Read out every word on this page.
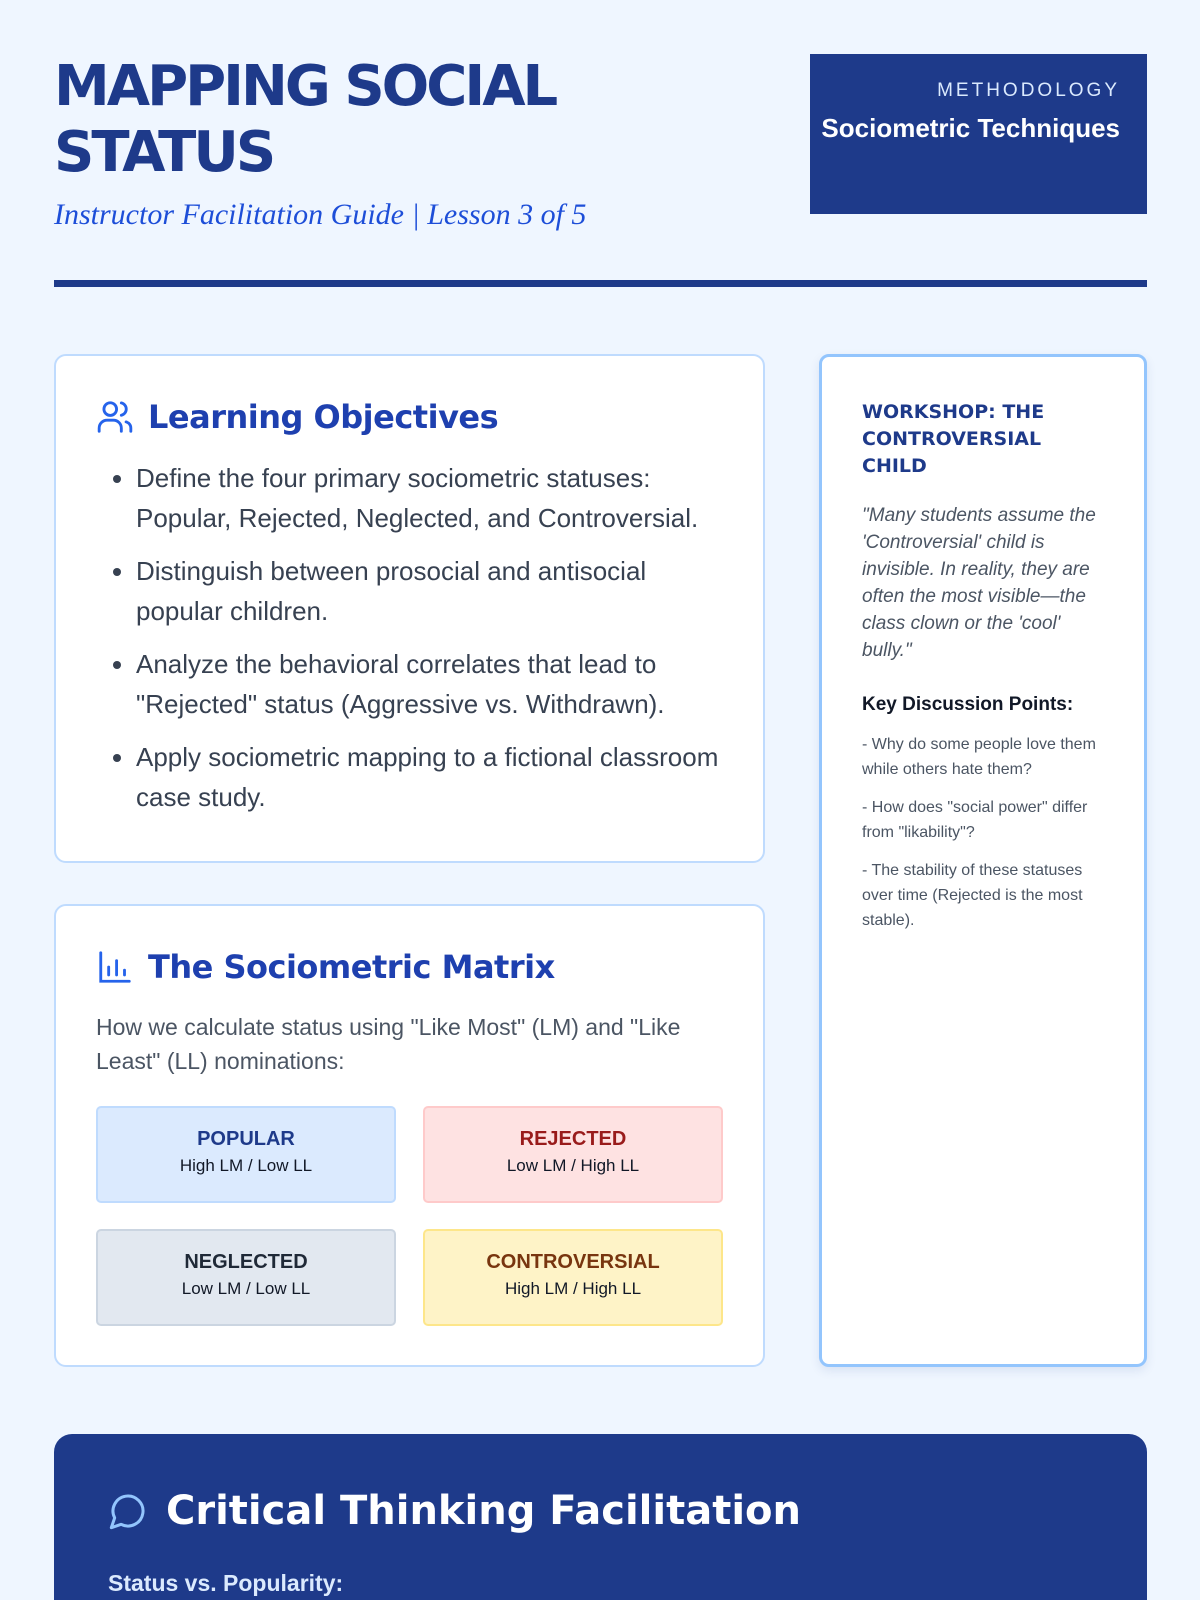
MAPPING SOCIAL STATUS
Instructor Facilitation Guide | Lesson 3 of 5
METHODOLOGY
Sociometric Techniques
Learning Objectives
• Define the four primary sociometric statuses: Popular, Rejected, Neglected, and Controversial.
• Distinguish between prosocial and antisocial popular children.
• Analyze the behavioral correlates that lead to "Rejected" status (Aggressive vs. Withdrawn).
• Apply sociometric mapping to a fictional classroom case study.
The Sociometric Matrix

How we calculate status using "Like Most" (LM) and "Like Least" (LL) nominations:

POPULAR
High LM / Low LL
REJECTED
Low LM / High LL
NEGLECTED
Low LM / Low LL
CONTROVERSIAL
High LM / High LL
WORKSHOP: THE CONTROVERSIAL CHILD

"Many students assume the 'Controversial' child is invisible. In reality, they are often the most visible—the class clown or the 'cool' bully."

Key Discussion Points:

- Why do some people love them while others hate them?

- How does "social power" differ from "likability"?

- The stability of these statuses over time (Rejected is the most stable).

Critical Thinking Facilitation
Status vs. Popularity:
